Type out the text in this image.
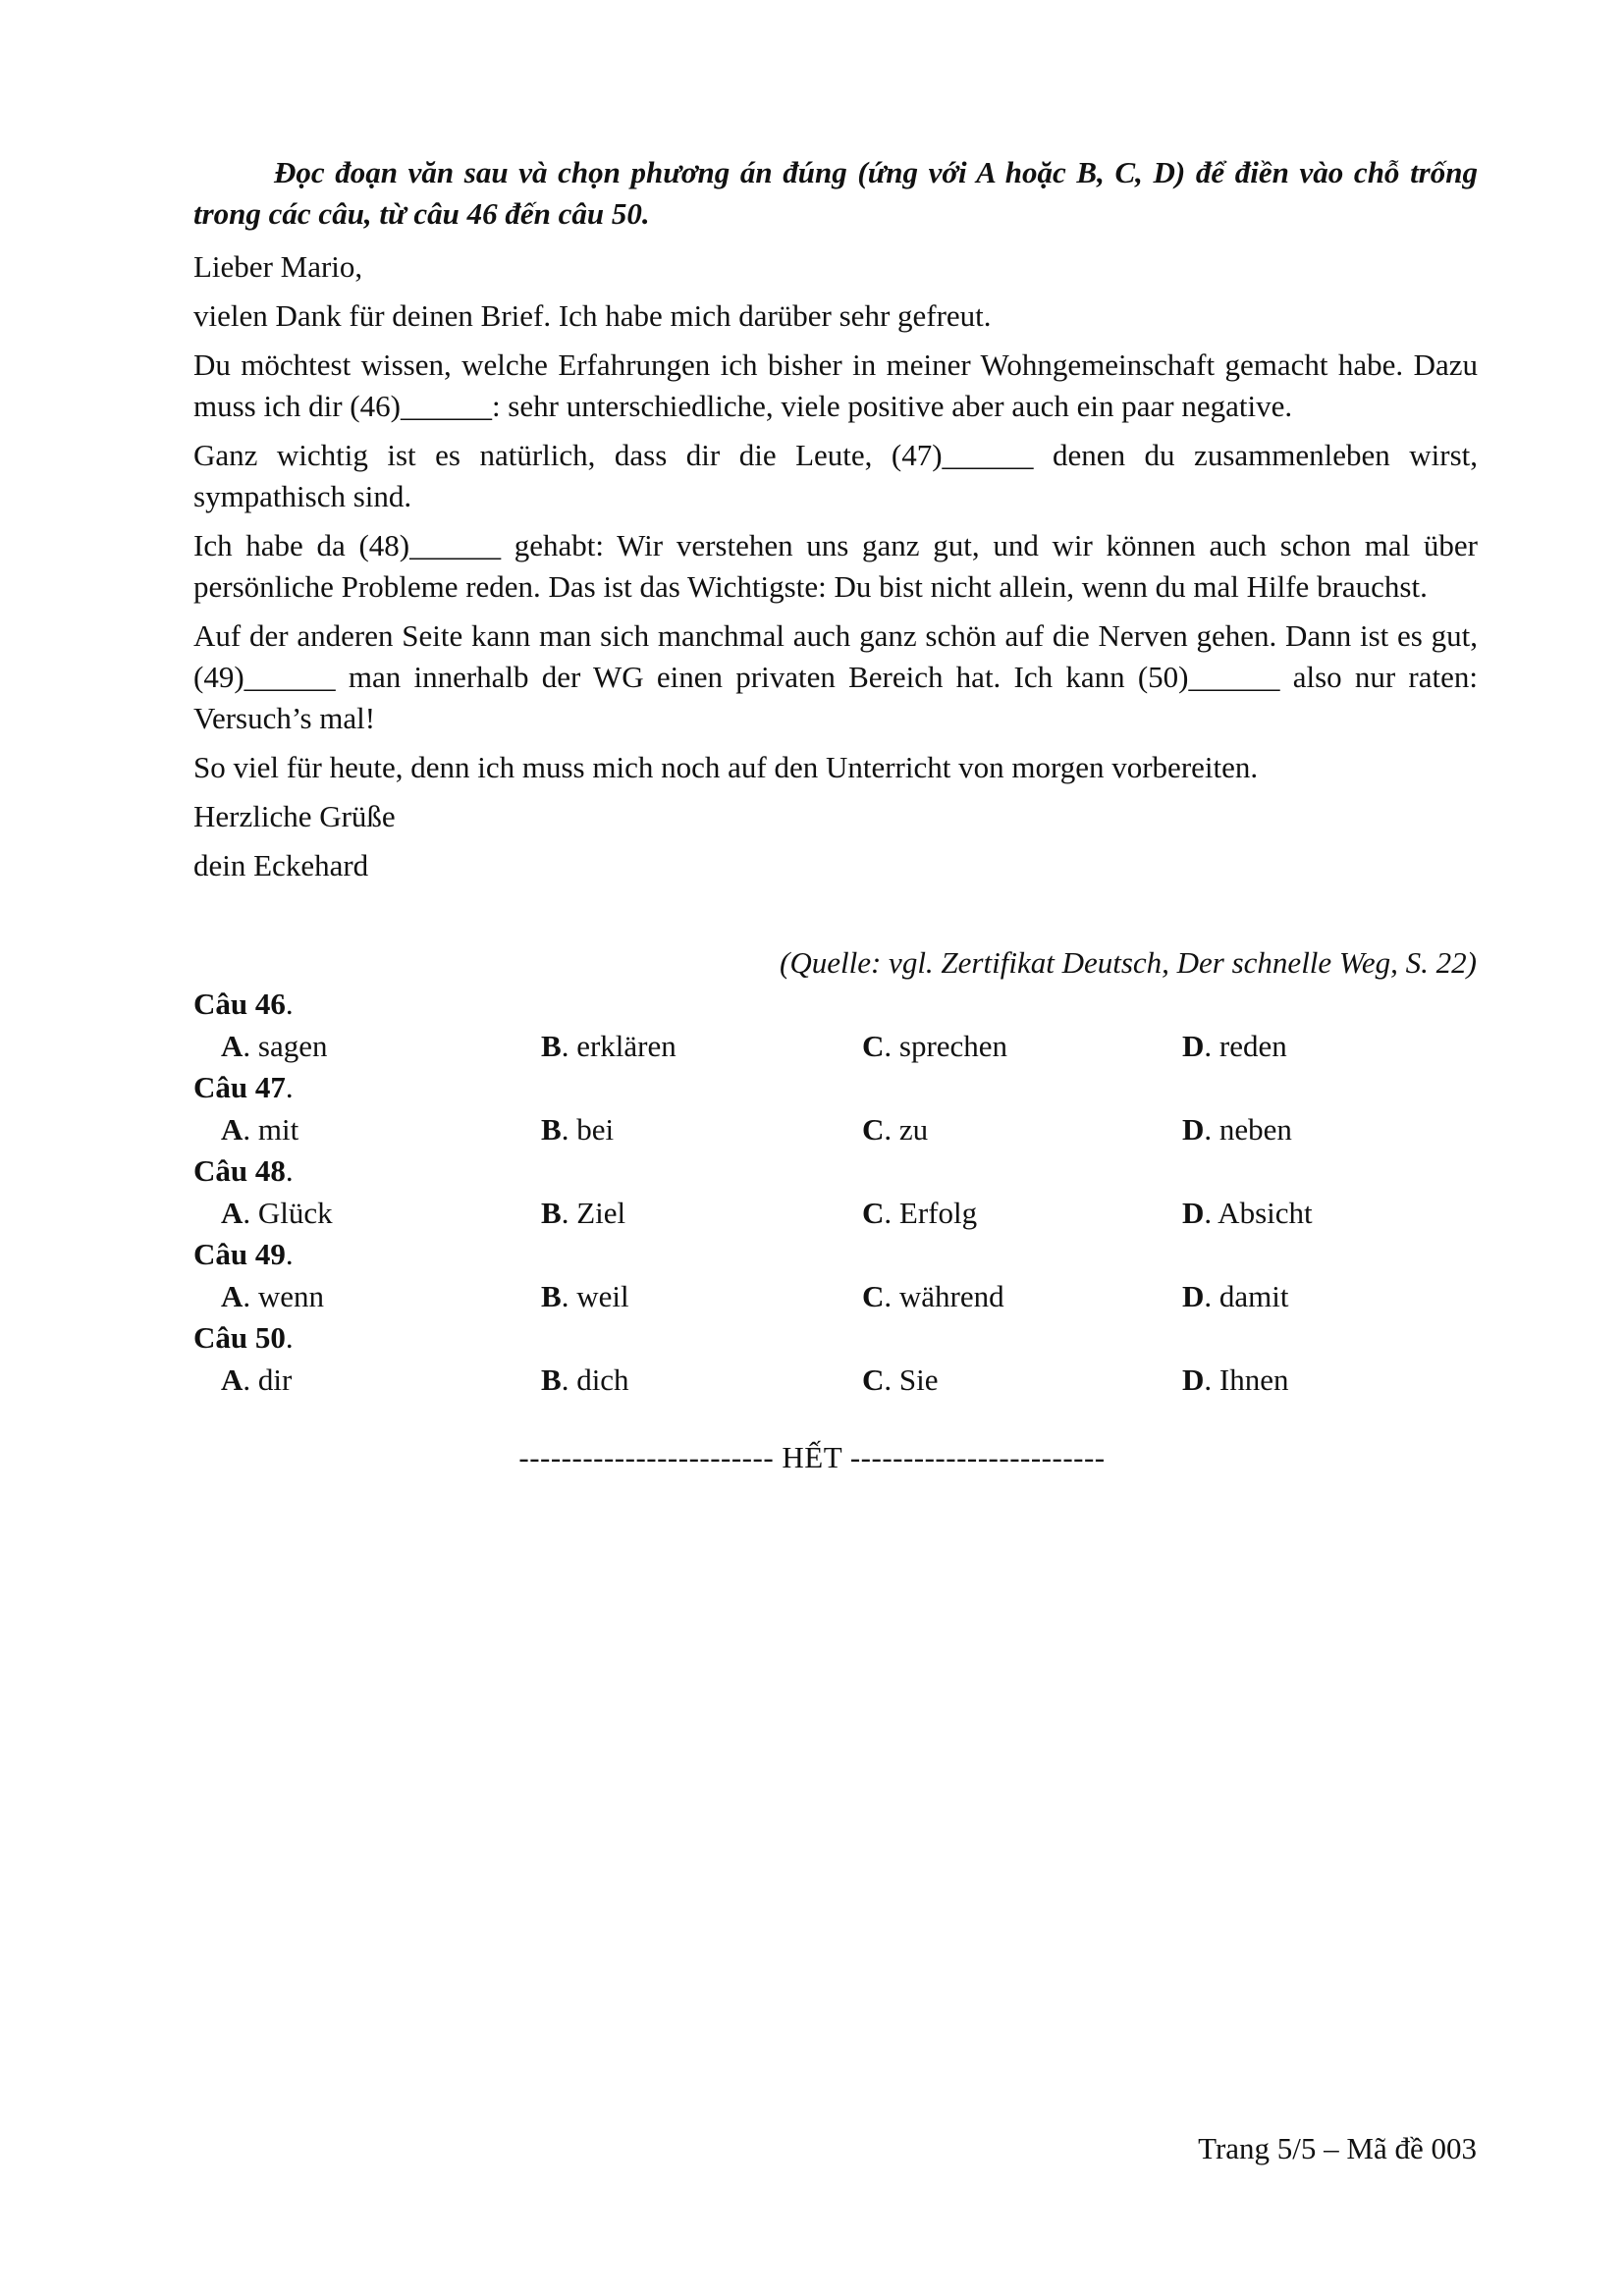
Đọc đoạn văn sau và chọn phương án đúng (ứng với A hoặc B, C, D) để điền vào chỗ trống trong các câu, từ câu 46 đến câu 50.

Lieber Mario,

vielen Dank für deinen Brief. Ich habe mich darüber sehr gefreut.

Du möchtest wissen, welche Erfahrungen ich bisher in meiner Wohngemeinschaft gemacht habe. Dazu muss ich dir (46)______: sehr unterschiedliche, viele positive aber auch ein paar negative.

Ganz wichtig ist es natürlich, dass dir die Leute, (47)______ denen du zusammenleben wirst, sympathisch sind.

Ich habe da (48)______ gehabt: Wir verstehen uns ganz gut, und wir können auch schon mal über persönliche Probleme reden. Das ist das Wichtigste: Du bist nicht allein, wenn du mal Hilfe brauchst.

Auf der anderen Seite kann man sich manchmal auch ganz schön auf die Nerven gehen. Dann ist es gut, (49)______ man innerhalb der WG einen privaten Bereich hat. Ich kann (50)______ also nur raten: Versuch’s mal!

So viel für heute, denn ich muss mich noch auf den Unterricht von morgen vorbereiten.

Herzliche Grüße

dein Eckehard

(Quelle: vgl. Zertifikat Deutsch, Der schnelle Weg, S. 22)

Câu 46.
A. sagen	B. erklären	C. sprechen	D. reden
Câu 47.
A. mit	B. bei	C. zu	D. neben
Câu 48.
A. Glück	B. Ziel	C. Erfolg	D. Absicht
Câu 49.
A. wenn	B. weil	C. während	D. damit
Câu 50.
A. dir	B. dich	C. Sie	D. Ihnen
------------------------ HẾT ------------------------
Trang 5/5 – Mã đề 003
